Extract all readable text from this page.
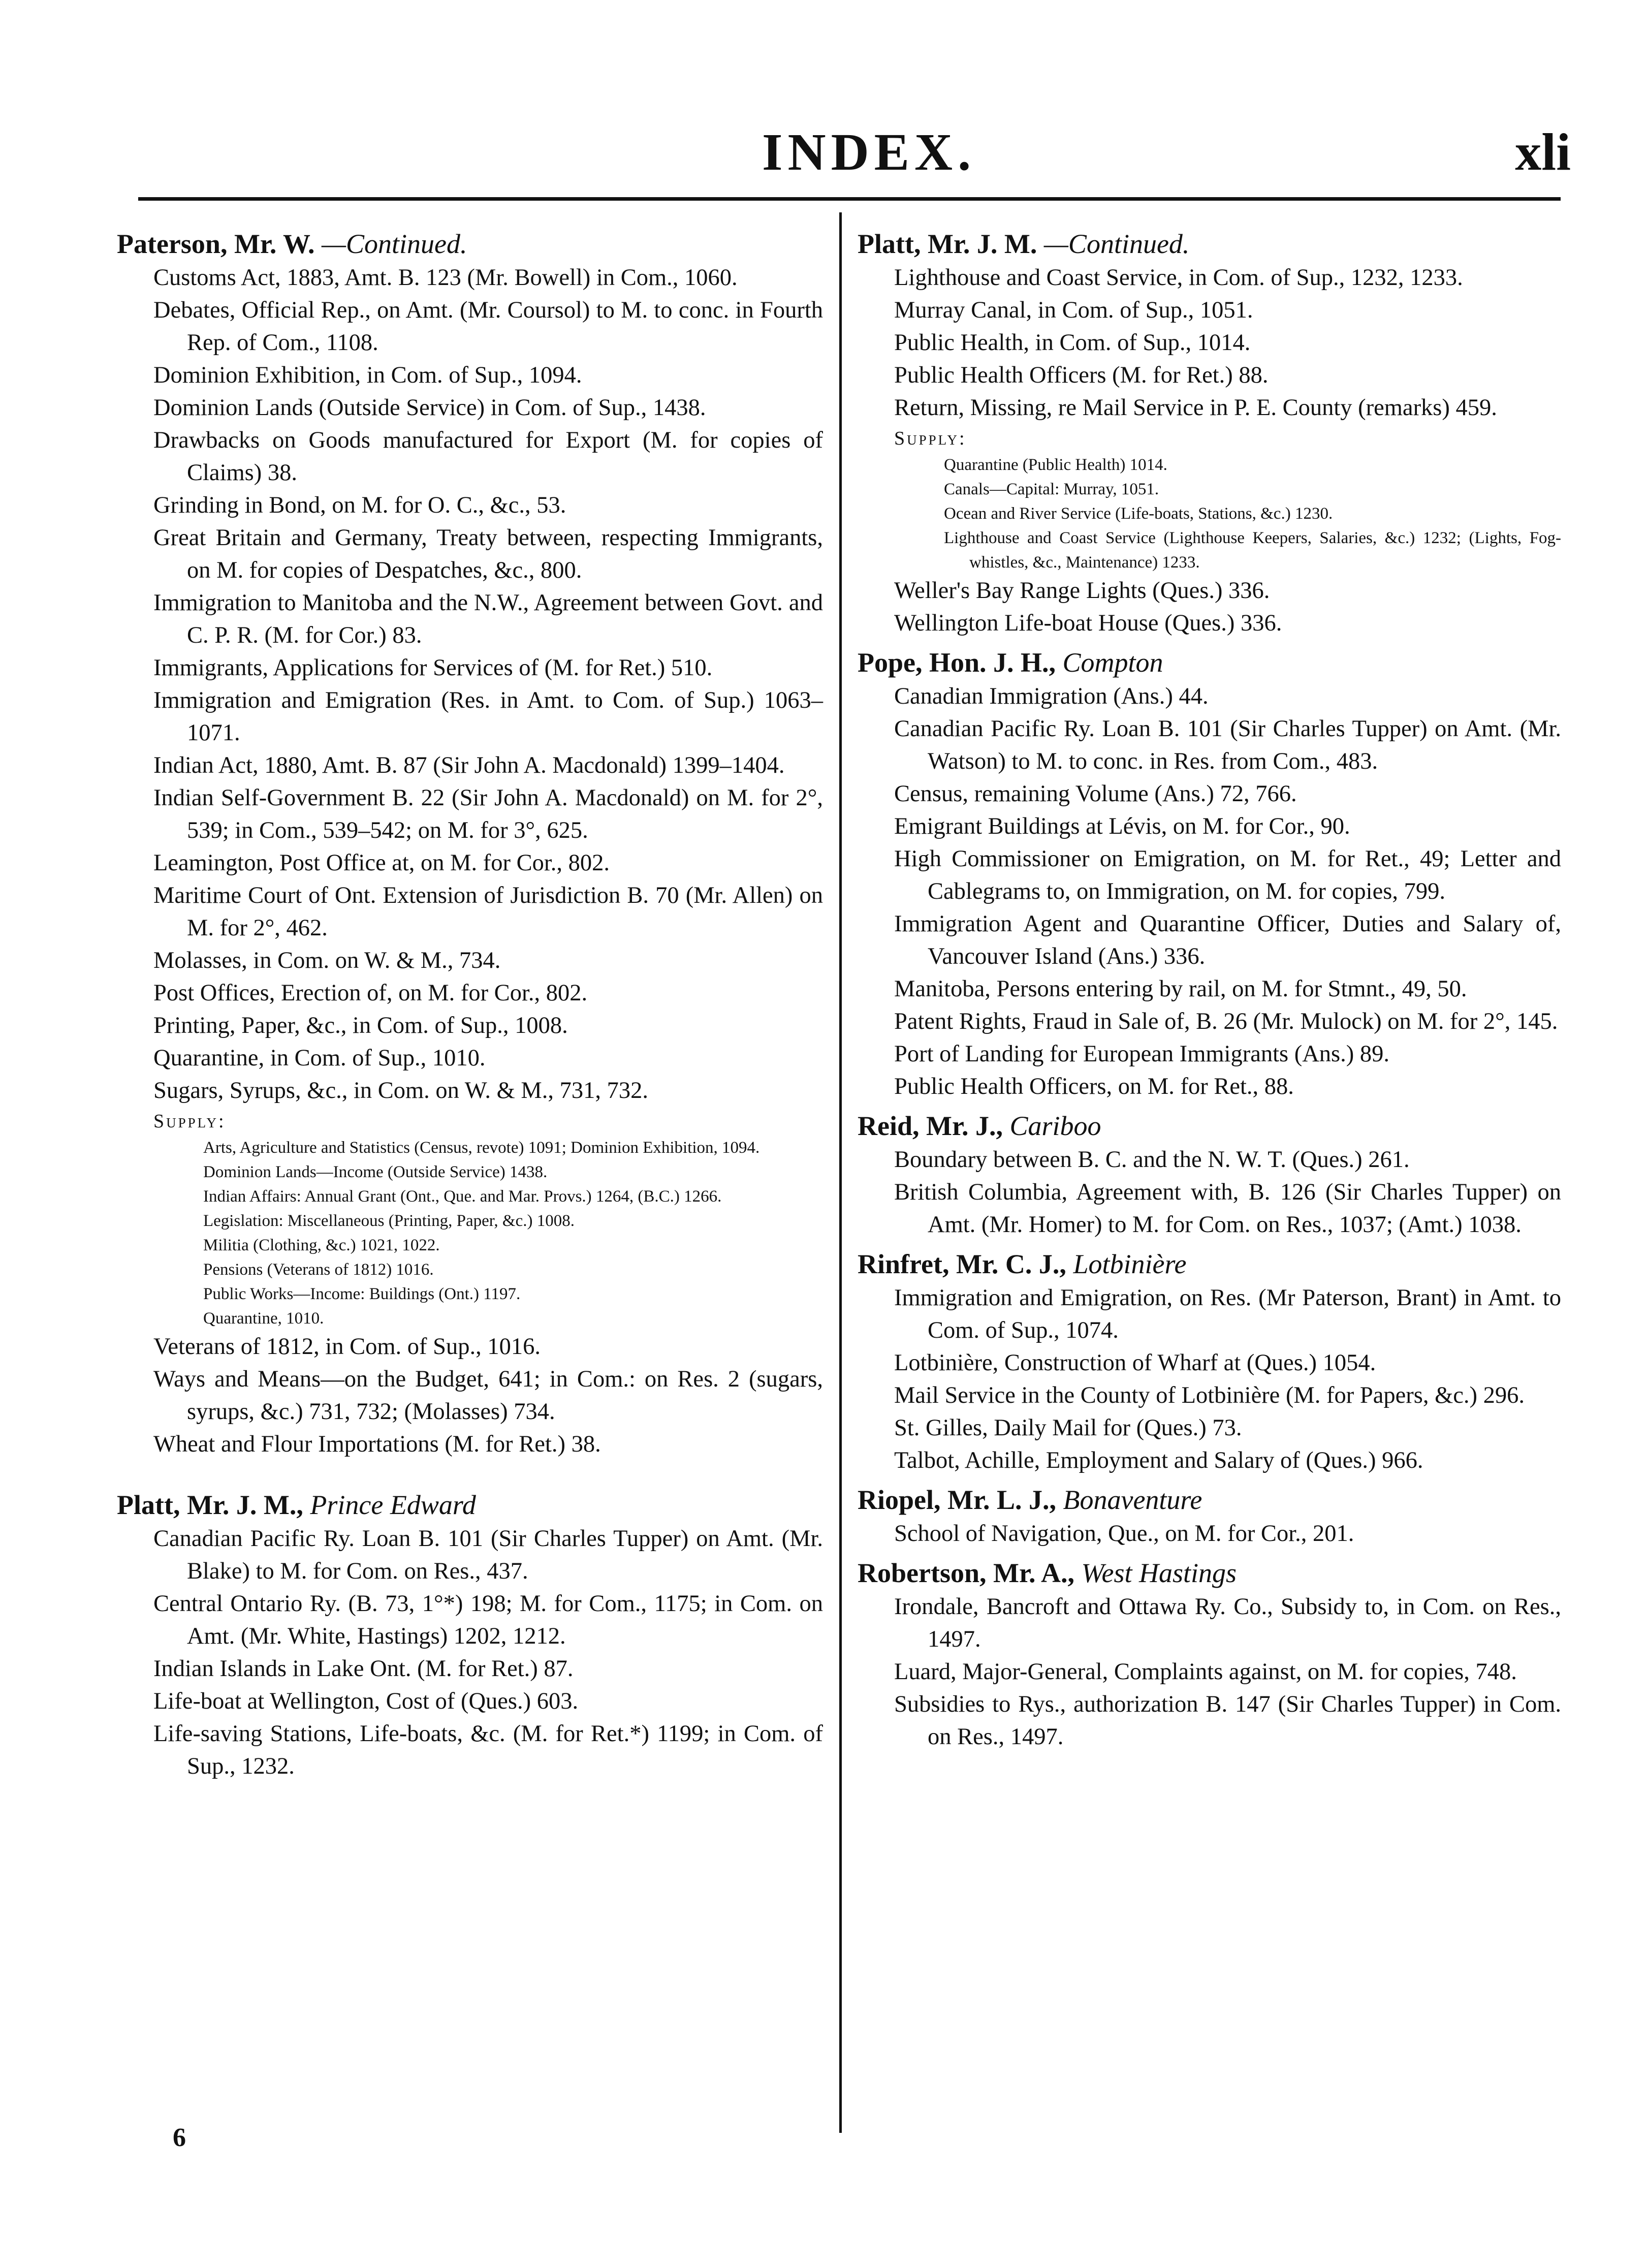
INDEX.	xli
Paterson, Mr. W. —Continued.
Customs Act, 1883, Amt. B. 123 (Mr. Bowell) in Com., 1060.
Debates, Official Rep., on Amt. (Mr. Coursol) to M. to conc. in Fourth Rep. of Com., 1108.
Dominion Exhibition, in Com. of Sup., 1094.
Dominion Lands (Outside Service) in Com. of Sup., 1438.
Drawbacks on Goods manufactured for Export (M. for copies of Claims) 38.
Grinding in Bond, on M. for O. C., &c., 53.
Great Britain and Germany, Treaty between, respecting Immigrants, on M. for copies of Despatches, &c., 800.
Immigration to Manitoba and the N.W., Agreement between Govt. and C. P. R. (M. for Cor.) 83.
Immigrants, Applications for Services of (M. for Ret.) 510.
Immigration and Emigration (Res. in Amt. to Com. of Sup.) 1063–1071.
Indian Act, 1880, Amt. B. 87 (Sir John A. Macdonald) 1399–1404.
Indian Self-Government B. 22 (Sir John A. Macdonald) on M. for 2°, 539; in Com., 539–542; on M. for 3°, 625.
Leamington, Post Office at, on M. for Cor., 802.
Maritime Court of Ont. Extension of Jurisdiction B. 70 (Mr. Allen) on M. for 2°, 462.
Molasses, in Com. on W. & M., 734.
Post Offices, Erection of, on M. for Cor., 802.
Printing, Paper, &c., in Com. of Sup., 1008.
Quarantine, in Com. of Sup., 1010.
Sugars, Syrups, &c., in Com. on W. & M., 731, 732.
Supply:
Arts, Agriculture and Statistics (Census, revote) 1091; Dominion Exhibition, 1094.
Dominion Lands—Income (Outside Service) 1438.
Indian Affairs: Annual Grant (Ont., Que. and Mar. Provs.) 1264, (B.C.) 1266.
Legislation: Miscellaneous (Printing, Paper, &c.) 1008.
Militia (Clothing, &c.) 1021, 1022.
Pensions (Veterans of 1812) 1016.
Public Works—Income: Buildings (Ont.) 1197.
Quarantine, 1010.
Veterans of 1812, in Com. of Sup., 1016.
Ways and Means—on the Budget, 641; in Com.: on Res. 2 (sugars, syrups, &c.) 731, 732; (Molasses) 734.
Wheat and Flour Importations (M. for Ret.) 38.
Platt, Mr. J. M., Prince Edward
Canadian Pacific Ry. Loan B. 101 (Sir Charles Tupper) on Amt. (Mr. Blake) to M. for Com. on Res., 437.
Central Ontario Ry. (B. 73, 1°*) 198; M. for Com., 1175; in Com. on Amt. (Mr. White, Hastings) 1202, 1212.
Indian Islands in Lake Ont. (M. for Ret.) 87.
Life-boat at Wellington, Cost of (Ques.) 603.
Life-saving Stations, Life-boats, &c. (M. for Ret.*) 1199; in Com. of Sup., 1232.
Platt, Mr. J. M. —Continued.
Lighthouse and Coast Service, in Com. of Sup., 1232, 1233.
Murray Canal, in Com. of Sup., 1051.
Public Health, in Com. of Sup., 1014.
Public Health Officers (M. for Ret.) 88.
Return, Missing, re Mail Service in P. E. County (remarks) 459.
Supply:
Quarantine (Public Health) 1014.
Canals—Capital: Murray, 1051.
Ocean and River Service (Life-boats, Stations, &c.) 1230.
Lighthouse and Coast Service (Lighthouse Keepers, Salaries, &c.) 1232; (Lights, Fog-whistles, &c., Maintenance) 1233.
Weller's Bay Range Lights (Ques.) 336.
Wellington Life-boat House (Ques.) 336.
Pope, Hon. J. H., Compton
Canadian Immigration (Ans.) 44.
Canadian Pacific Ry. Loan B. 101 (Sir Charles Tupper) on Amt. (Mr. Watson) to M. to conc. in Res. from Com., 483.
Census, remaining Volume (Ans.) 72, 766.
Emigrant Buildings at Lévis, on M. for Cor., 90.
High Commissioner on Emigration, on M. for Ret., 49; Letter and Cablegrams to, on Immigration, on M. for copies, 799.
Immigration Agent and Quarantine Officer, Duties and Salary of, Vancouver Island (Ans.) 336.
Manitoba, Persons entering by rail, on M. for Stmnt., 49, 50.
Patent Rights, Fraud in Sale of, B. 26 (Mr. Mulock) on M. for 2°, 145.
Port of Landing for European Immigrants (Ans.) 89.
Public Health Officers, on M. for Ret., 88.
Reid, Mr. J., Cariboo
Boundary between B. C. and the N. W. T. (Ques.) 261.
British Columbia, Agreement with, B. 126 (Sir Charles Tupper) on Amt. (Mr. Homer) to M. for Com. on Res., 1037; (Amt.) 1038.
Rinfret, Mr. C. J., Lotbinière
Immigration and Emigration, on Res. (Mr Paterson, Brant) in Amt. to Com. of Sup., 1074.
Lotbinière, Construction of Wharf at (Ques.) 1054.
Mail Service in the County of Lotbinière (M. for Papers, &c.) 296.
St. Gilles, Daily Mail for (Ques.) 73.
Talbot, Achille, Employment and Salary of (Ques.) 966.
Riopel, Mr. L. J., Bonaventure
School of Navigation, Que., on M. for Cor., 201.
Robertson, Mr. A., West Hastings
Irondale, Bancroft and Ottawa Ry. Co., Subsidy to, in Com. on Res., 1497.
Luard, Major-General, Complaints against, on M. for copies, 748.
Subsidies to Rys., authorization B. 147 (Sir Charles Tupper) in Com. on Res., 1497.
6
